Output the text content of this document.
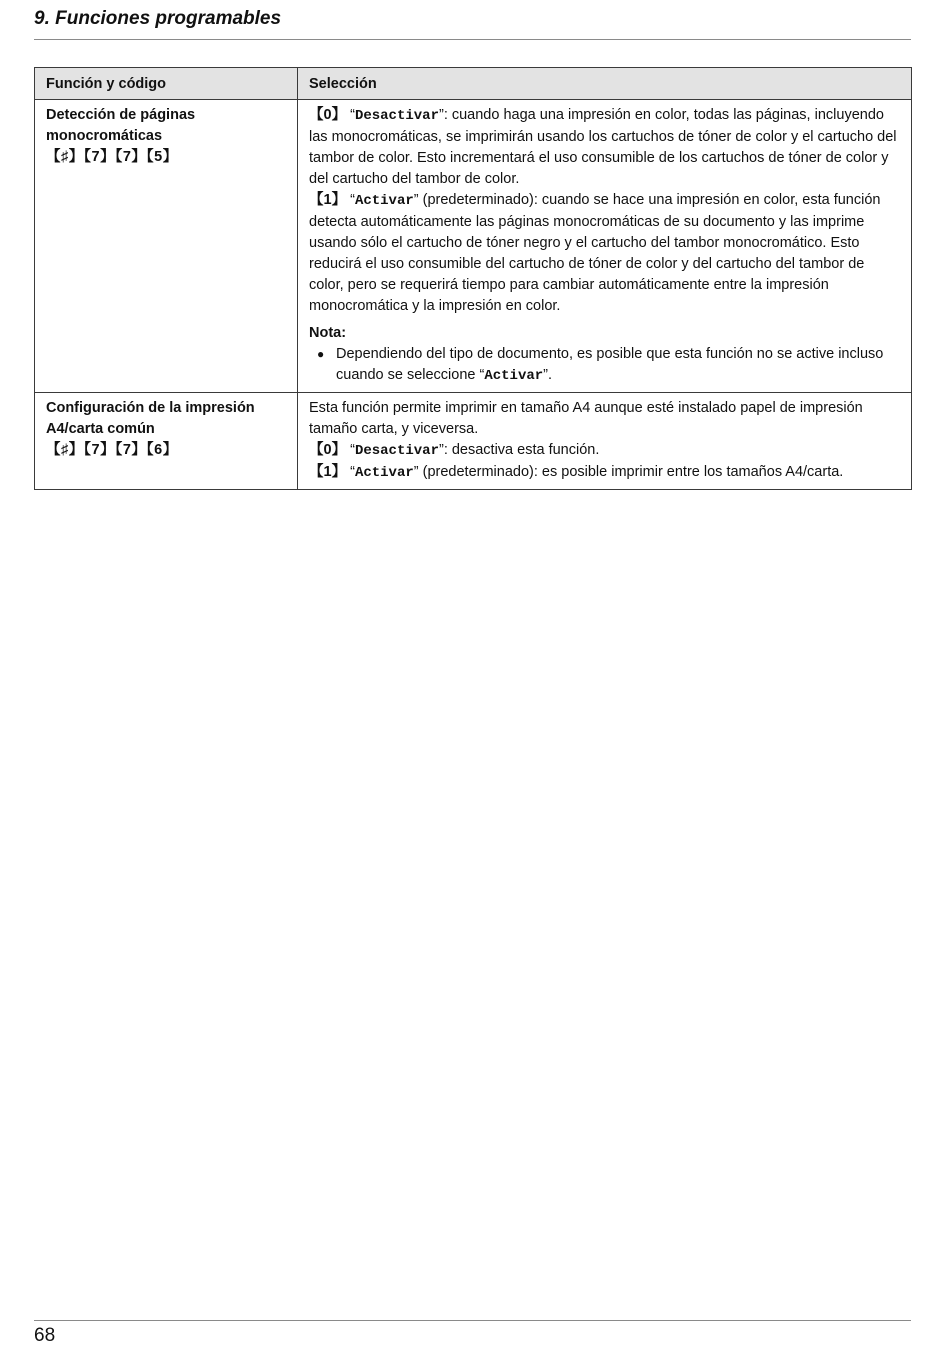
9. Funciones programables
Función y código	Selección

Detección de páginas monocromáticas
【♯】【7】【7】【5】	【0】 “Desactivar”: cuando haga una impresión en color, todas las páginas, incluyendo las monocromáticas, se imprimirán usando los cartuchos de tóner de color y el cartucho del tambor de color. Esto incrementará el uso consumible de los cartuchos de tóner de color y del cartucho del tambor de color.
【1】 “Activar” (predeterminado): cuando se hace una impresión en color, esta función detecta automáticamente las páginas monocromáticas de su documento y las imprime usando sólo el cartucho de tóner negro y el cartucho del tambor monocromático. Esto reducirá el uso consumible del cartucho de tóner de color y del cartucho del tambor de color, pero se requerirá tiempo para cambiar automáticamente entre la impresión monocromática y la impresión en color.
Nota:
● Dependiendo del tipo de documento, es posible que esta función no se active incluso cuando se seleccione “Activar”.

Configuración de la impresión A4/carta común
【♯】【7】【7】【6】	Esta función permite imprimir en tamaño A4 aunque esté instalado papel de impresión tamaño carta, y viceversa.
【0】 “Desactivar”: desactiva esta función.
【1】 “Activar” (predeterminado): es posible imprimir entre los tamaños A4/carta.
68
